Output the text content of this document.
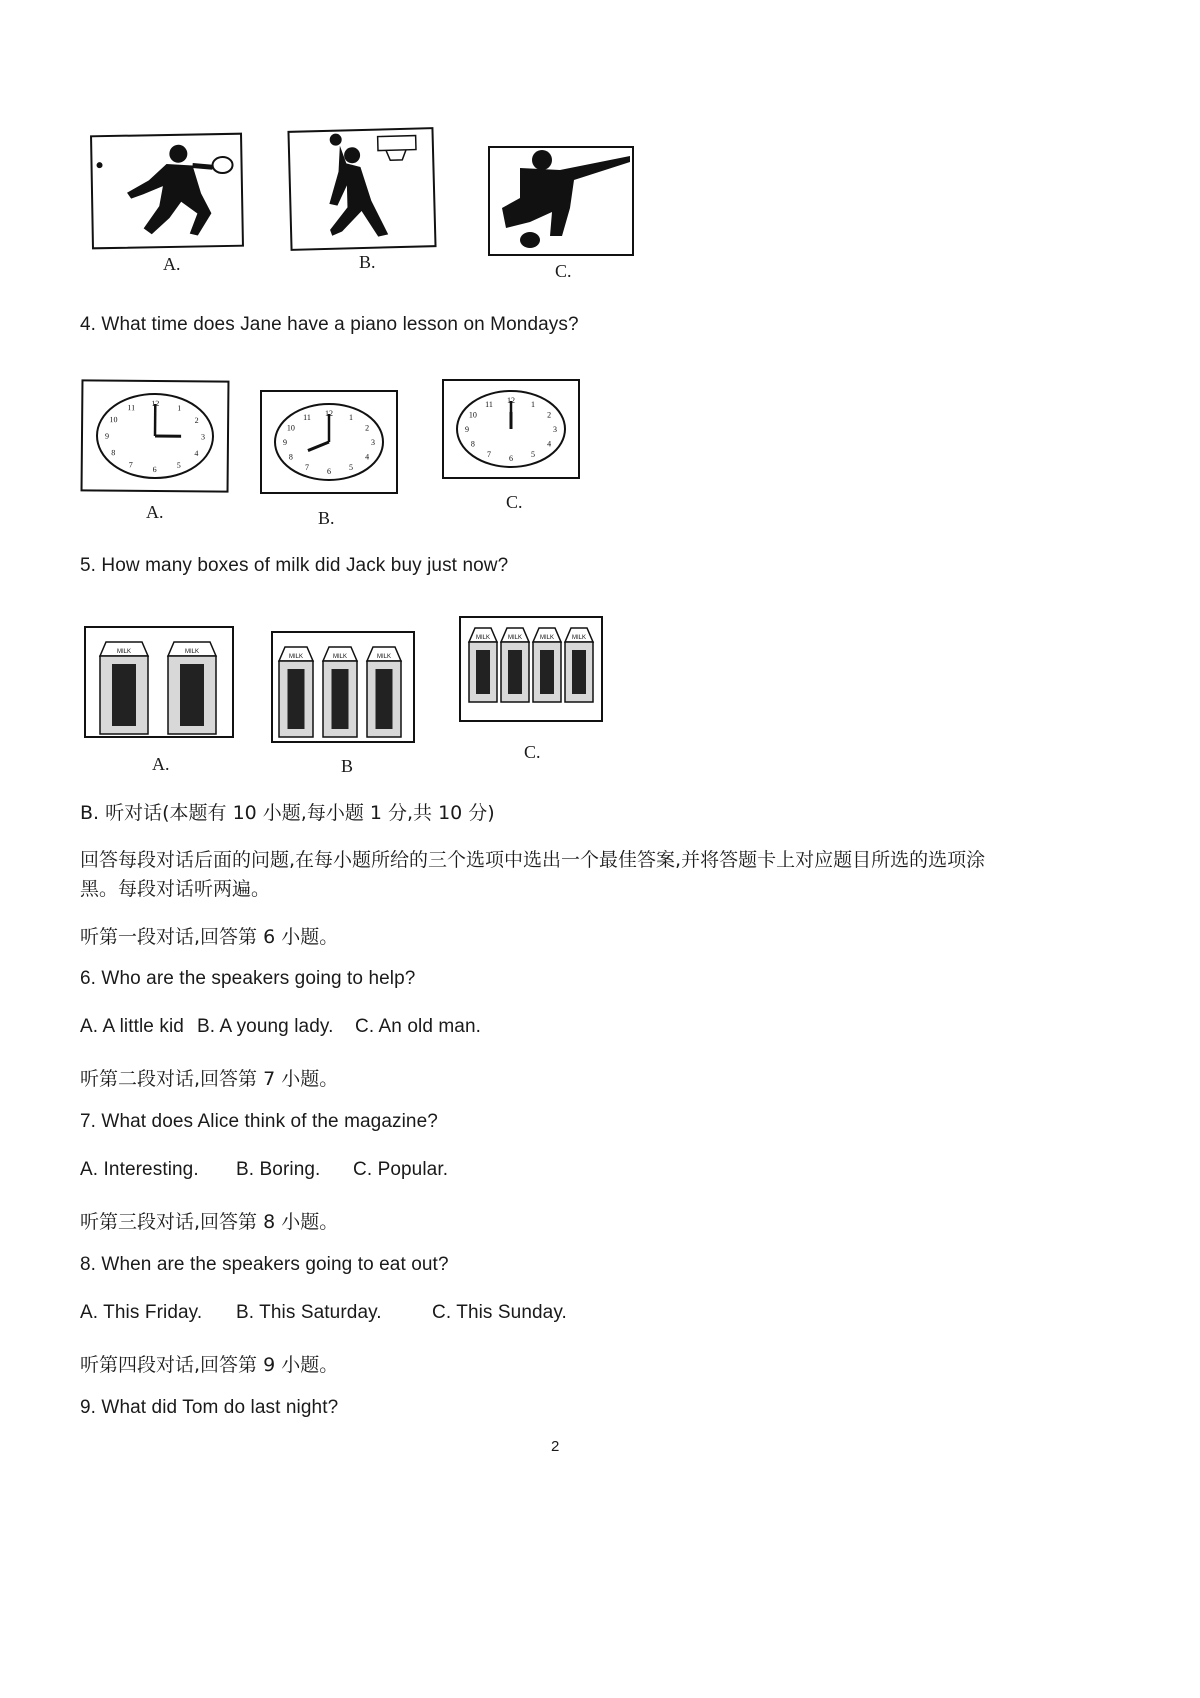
A.	B.	C.
4. What time does Jane have a piano lesson on Mondays?
12
1
2
3
4
5
6
7
8
9
10
11
12 1
2
3
4
5
6
7
8
9
10
11
12 1
2
3
4
5
6
7
8
9
10
11
A.	B.
C.
5. How many boxes of milk did Jack buy just now?
MILK	MILK
MILK	MILK	MILK
MILK	MILK	MILK	MILK
A.	B
C.
B. 听对话(本题有 10 小题,每小题 1 分,共 10 分)
回答每段对话后面的问题,在每小题所给的三个选项中选出一个最佳答案,并将答题卡上对应题目所选的选项涂
黑。每段对话听两遍。
听第一段对话,回答第 6 小题。
6. Who are the speakers going to help?
A. A little kid B. A young lady. C. An old man.
听第二段对话,回答第 7 小题。
7. What does Alice think of the magazine?
A. Interesting. B. Boring. C. Popular.
听第三段对话,回答第 8 小题。
8. When are the speakers going to eat out?
A. This Friday. B. This Saturday.	C. This Sunday.
听第四段对话,回答第 9 小题。
9. What did Tom do last night?
2
